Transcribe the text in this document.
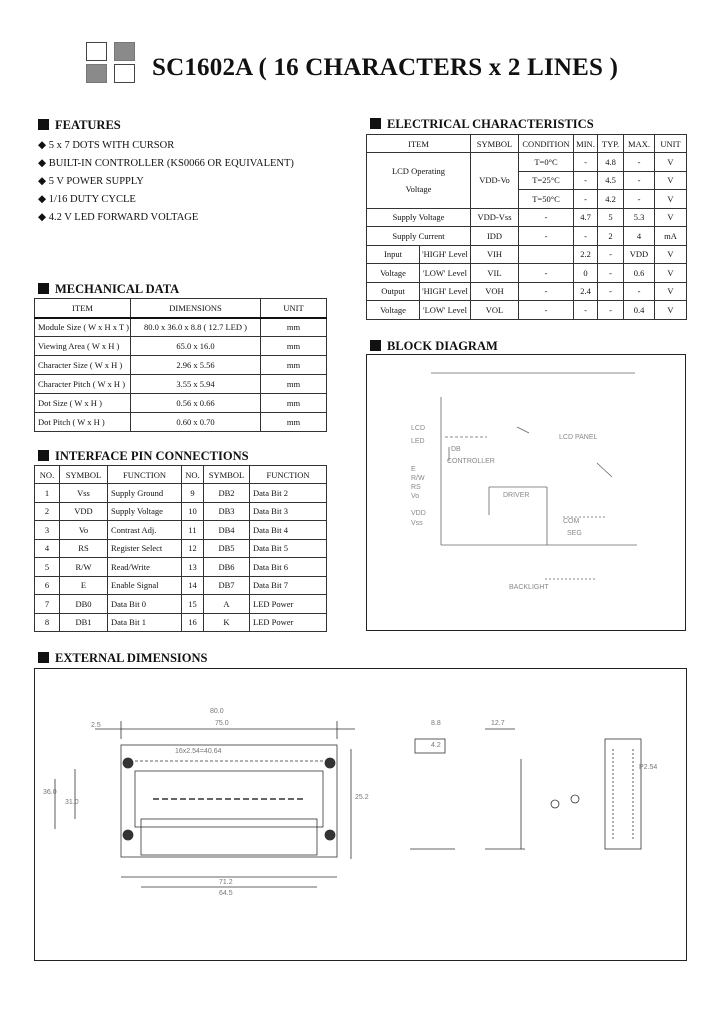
SC1602A ( 16 CHARACTERS x 2 LINES )
FEATURES
◆ 5 x 7 DOTS WITH CURSOR
◆ BUILT-IN CONTROLLER (KS0066 OR EQUIVALENT)
◆ 5 V POWER SUPPLY
◆ 1/16 DUTY CYCLE
◆ 4.2 V LED FORWARD VOLTAGE
MECHANICAL DATA
ITEM	DIMENSIONS	UNIT
Module Size ( W x H x T )	80.0 x 36.0 x 8.8 ( 12.7 LED )	mm
Viewing Area ( W x H )	65.0 x 16.0	mm
Character Size ( W x H )	2.96 x 5.56	mm
Character Pitch ( W x H )	3.55 x 5.94	mm
Dot Size ( W x H )	0.56 x 0.66	mm
Dot Pitch ( W x H )	0.60 x 0.70	mm
INTERFACE PIN CONNECTIONS
NO.	SYMBOL	FUNCTION	NO.	SYMBOL	FUNCTION
1	Vss	Supply Ground	9	DB2	Data Bit 2
2	VDD	Supply Voltage	10	DB3	Data Bit 3
3	Vo	Contrast Adj.	11	DB4	Data Bit 4
4	RS	Register Select	12	DB5	Data Bit 5
5	R/W	Read/Write	13	DB6	Data Bit 6
6	E	Enable Signal	14	DB7	Data Bit 7
7	DB0	Data Bit 0	15	A	LED Power
8	DB1	Data Bit 1	16	K	LED Power
ELECTRICAL CHARACTERISTICS
ITEM		SYMBOL	CONDITION	MIN.	TYP.	MAX.	UNIT
LCD Operating
Voltage		VDD-Vo	T=0°C	-	4.8	-	V
			T=25°C	-	4.5	-	V
			T=50°C	-	4.2	-	V
Supply Voltage		VDD-Vss	-	4.7	5	5.3	V
Supply Current		IDD	-	-	2	4	mA
Input	'HIGH' Level	VIH		2.2	-	VDD	V
Voltage	'LOW' Level	VIL	-	0	-	0.6	V
Output	'HIGH' Level	VOH	-	2.4	-	-	V
Voltage	'LOW' Level	VOL	-	-	-	0.4	V
BLOCK DIAGRAM
LCD
LED
DB
E
R/W
RS
Vo
VDD
Vss
LCD PANEL
CONTROLLER
DRIVER
COM
SEG
BACKLIGHT
EXTERNAL DIMENSIONS
80.0
75.0
71.2
64.5
36.0
31.0
25.2
2.5	8.8	12.7
4.2
16x2.54=40.64
P2.54
